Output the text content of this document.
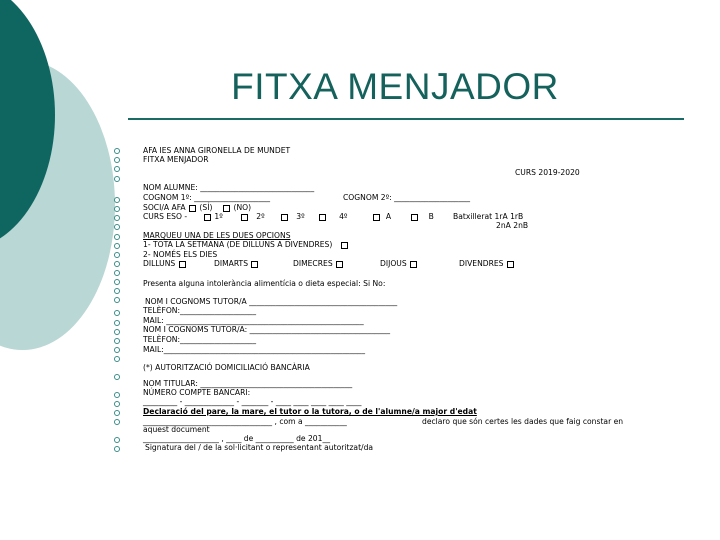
FITXA MENJADOR
AFA IES ANNA GIRONELLA DE MUNDET
FITXA MENJADOR
CURS 2019-2020
NOM ALUMNE: ______________________________
COGNOM 1º: ____________________	COGNOM 2º: ____________________
SOCI/A AFA (SÍ)	(NO)
CURS ESO -	1º	2º	3º	4º	A	B	Batxillerat 1rA 1rB
2nA 2nB
MARQUEU UNA DE LES DUES OPCIONS
1- TOTA LA SETMANA (DE DILLUNS A DIVENDRES)
2- NOMÉS ELS DIES
DILLUNS	DIMARTS	DIMECRES	DIJOUS	DIVENDRES
Presenta alguna intolerància alimentícia o dieta especial: Si No:
NOM I COGNOMS TUTOR/A _______________________________________
TELÈFON:____________________
MAIL: ____________________________________________________
NOM I COGNOMS TUTOR/A: _____________________________________
TELÈFON:____________________
MAIL:_____________________________________________________
(*) AUTORITZACIÓ DOMICILIACIÓ BANCÀRIA
NOM TITULAR: ________________________________________
NÚMERO COMPTE BANCARI:
_________ - _____________ - _______ - ____ ____ ____ ____ ____
Declaració del pare, la mare, el tutor o la tutora, o de l'alumne/a major d'edat
__________________________________ , com a ___________	declaro que són certes les dades que faig constar en
aquest document
____________________ , ____ de __________ de 201__
Signatura del / de la sol·licitant o representant autoritzat/da
